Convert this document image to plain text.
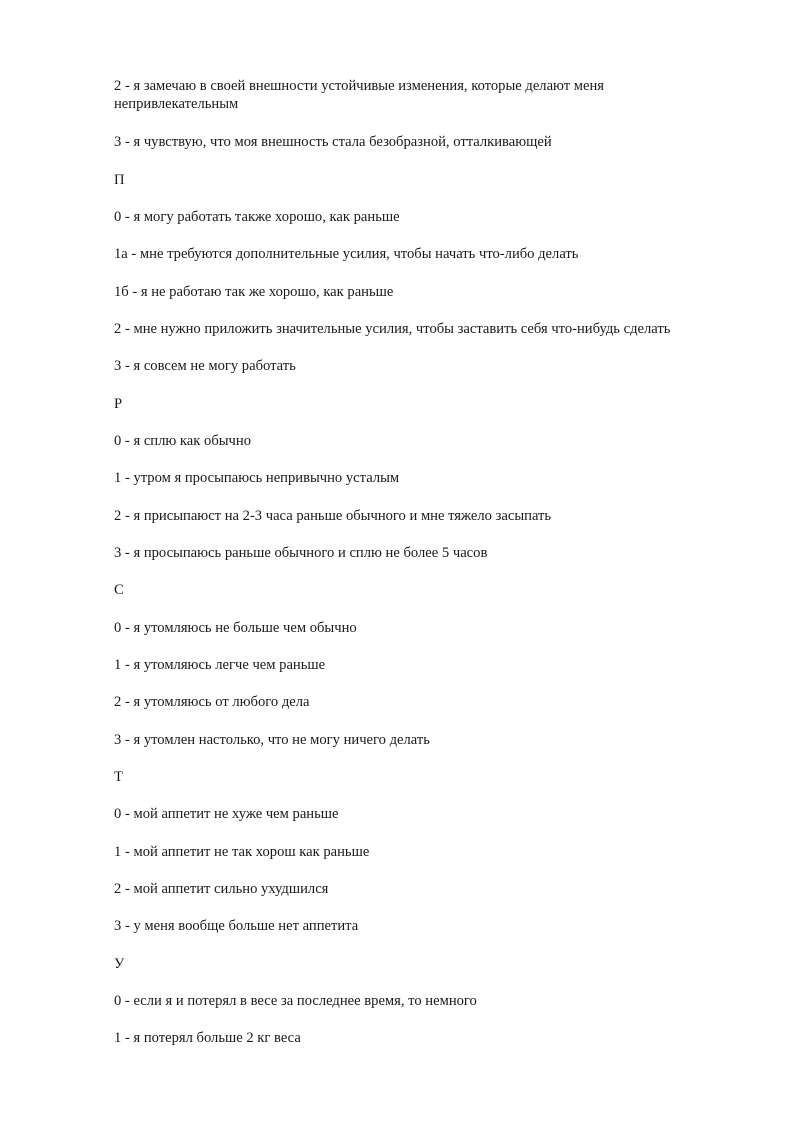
2 - я замечаю в своей внешности устойчивые изменения, которые делают меня непривлекательным
3 - я чувствую, что моя внешность стала безобразной, отталкивающей
П
0 - я могу работать также хорошо, как раньше
1а - мне требуются дополнительные усилия, чтобы начать что-либо делать
1б - я не работаю так же хорошо, как раньше
2 - мне нужно приложить значительные усилия, чтобы заставить себя что-нибудь сделать
3 - я совсем не могу работать
Р
0 - я сплю как обычно
1 - утром я просыпаюсь непривычно усталым
2 - я присыпаюст на 2-3 часа раньше обычного и мне тяжело засыпать
3 - я просыпаюсь раньше обычного и сплю не более 5 часов
С
0 - я утомляюсь не больше чем обычно
1 - я утомляюсь легче чем раньше
2 - я утомляюсь от любого дела
3 - я утомлен настолько, что не могу ничего делать
Т
0 - мой аппетит не хуже чем раньше
1 - мой аппетит не так хорош как раньше
2 - мой аппетит сильно ухудшился
3 - у меня вообще больше нет аппетита
У
0 - если я и потерял в весе за последнее время, то немного
1 - я потерял больше 2 кг веса
